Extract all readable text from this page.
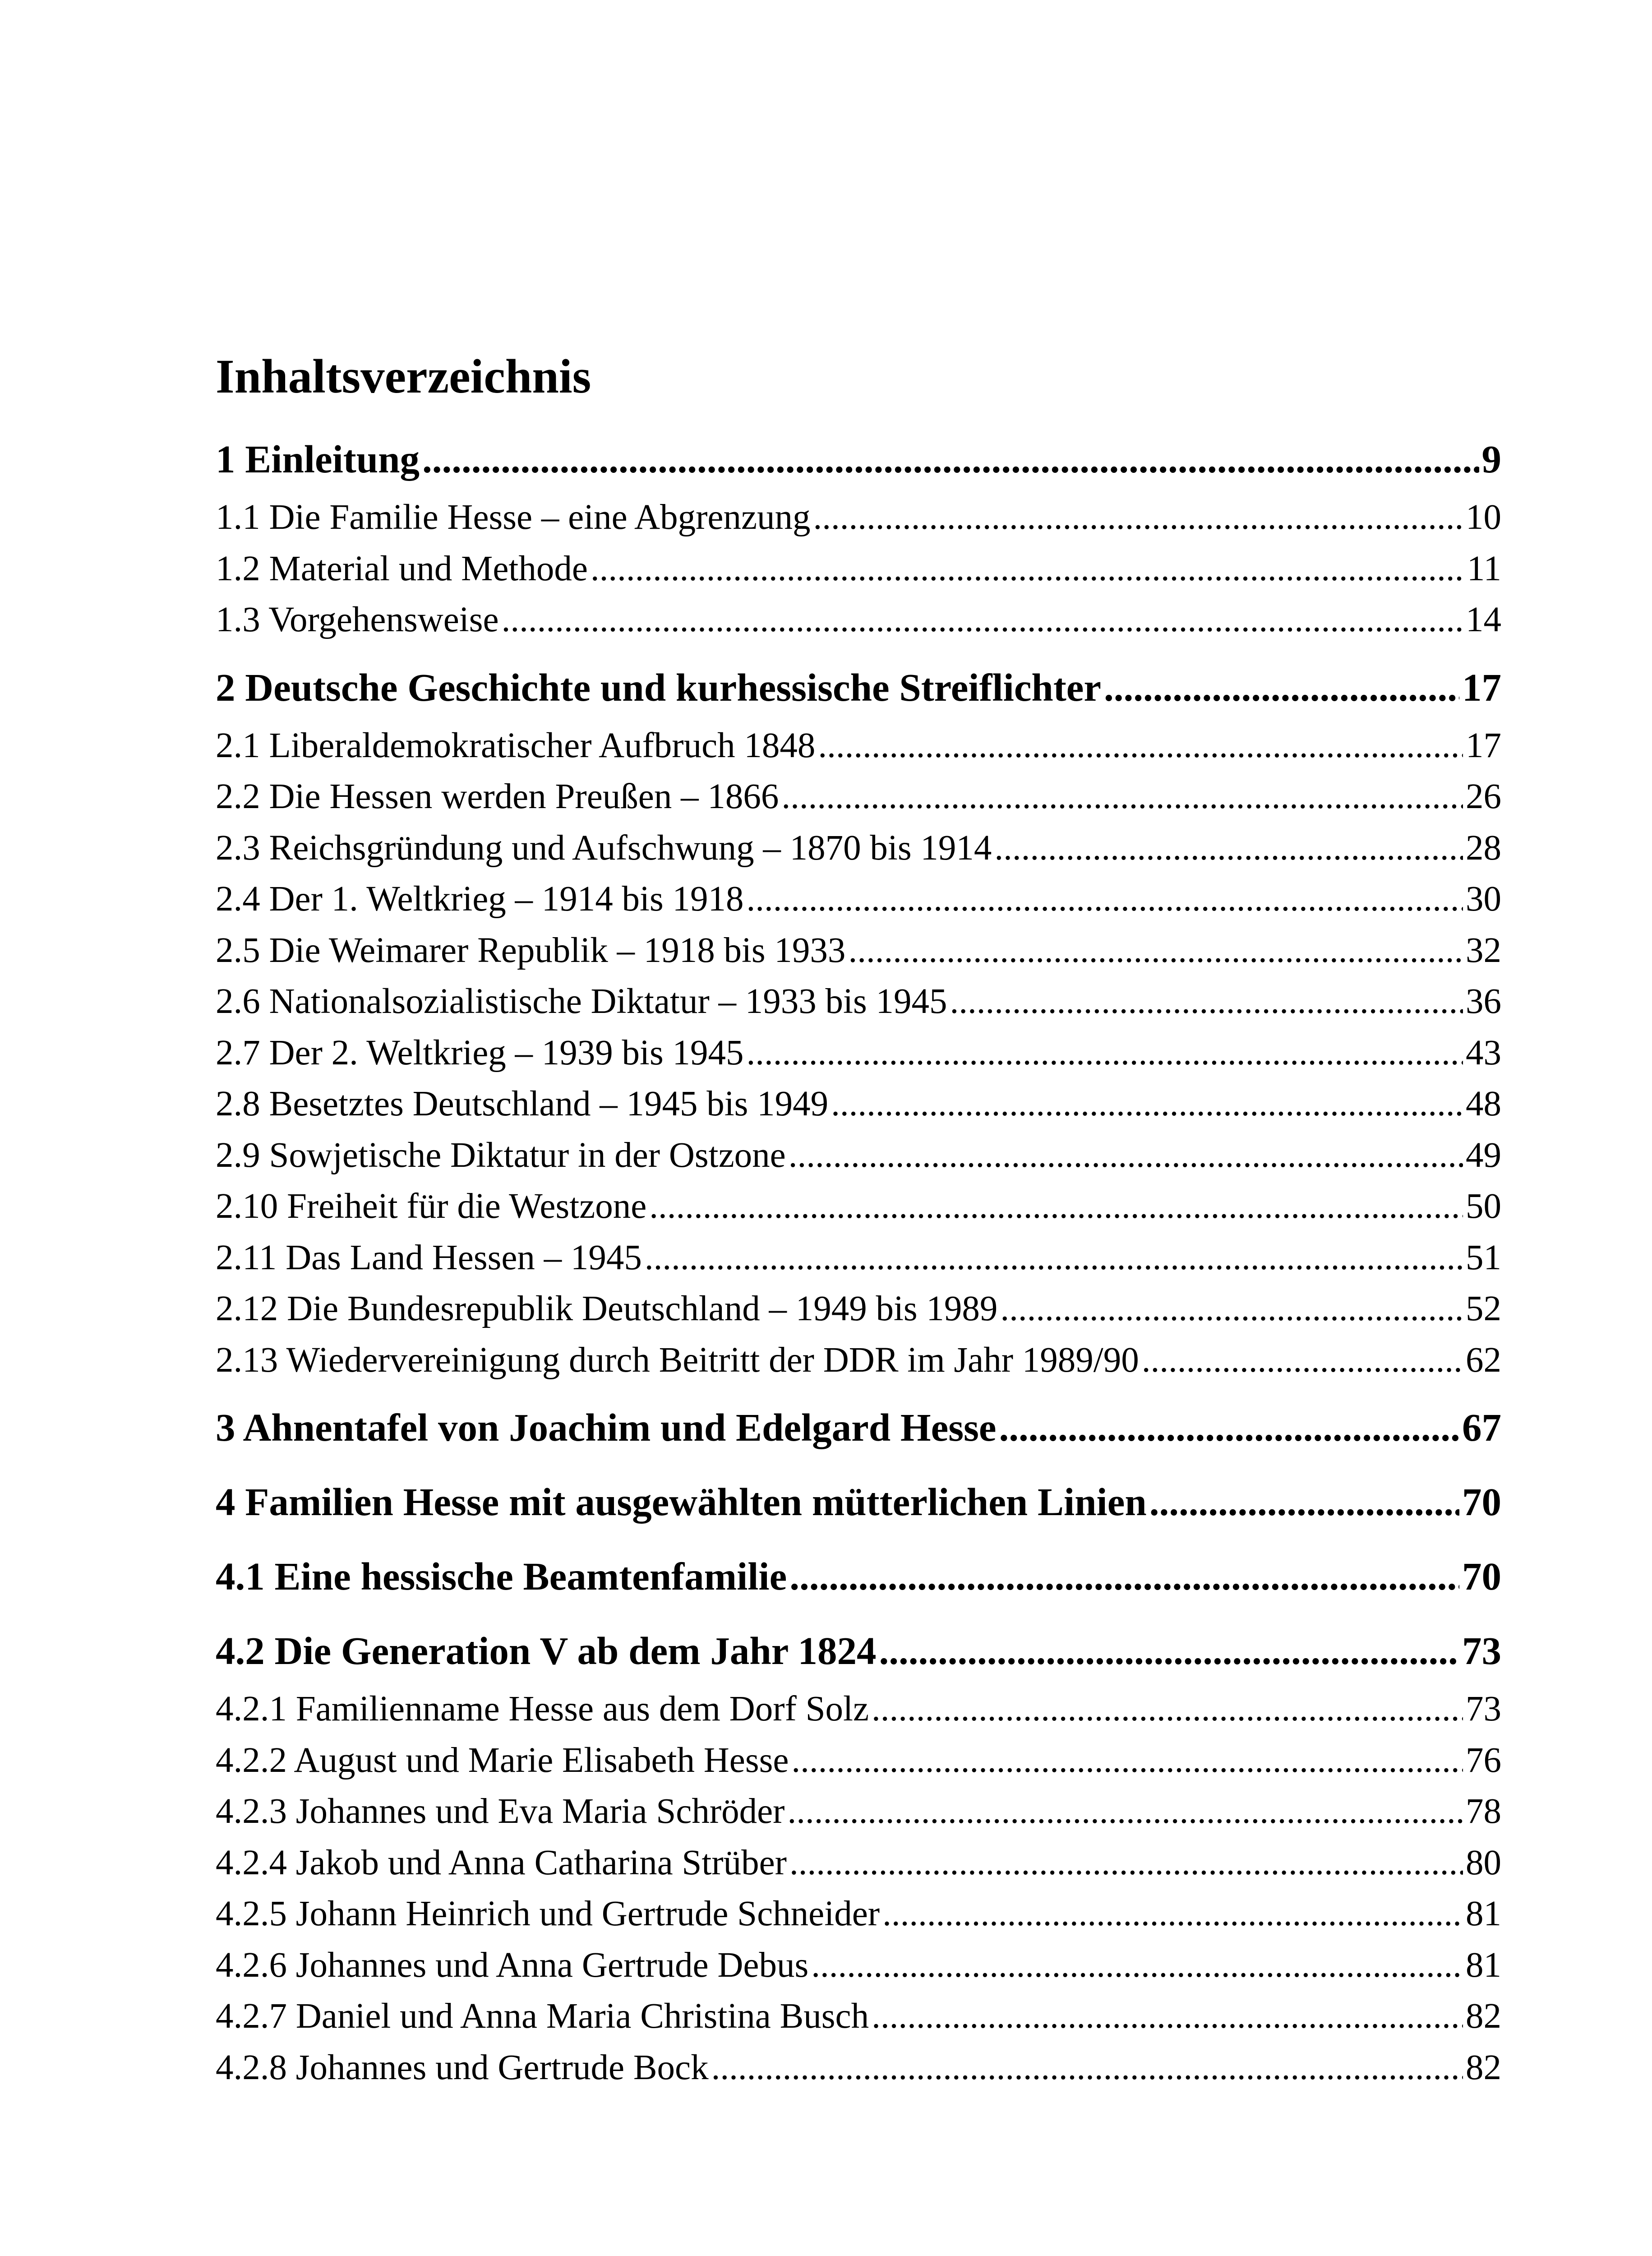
Inhaltsverzeichnis
1 Einleitung .....	9
1.1 Die Familie Hesse – eine Abgrenzung .....	10
1.2 Material und Methode .....	11
1.3 Vorgehensweise .....	14
2 Deutsche Geschichte und kurhessische Streiflichter .....	17
2.1 Liberaldemokratischer Aufbruch 1848 .....	17
2.2 Die Hessen werden Preußen – 1866 .....	26
2.3 Reichsgründung und Aufschwung – 1870 bis 1914 .....	28
2.4 Der 1. Weltkrieg – 1914 bis 1918 .....	30
2.5 Die Weimarer Republik – 1918 bis 1933 .....	32
2.6 Nationalsozialistische Diktatur – 1933 bis 1945 .....	36
2.7 Der 2. Weltkrieg – 1939 bis 1945 .....	43
2.8 Besetztes Deutschland – 1945 bis 1949 .....	48
2.9 Sowjetische Diktatur in der Ostzone .....	49
2.10 Freiheit für die Westzone .....	50
2.11 Das Land Hessen – 1945 .....	51
2.12 Die Bundesrepublik Deutschland – 1949 bis 1989 .....	52
2.13 Wiedervereinigung durch Beitritt der DDR im Jahr 1989/90 .....	62
3 Ahnentafel von Joachim und Edelgard Hesse .....	67
4 Familien Hesse mit ausgewählten mütterlichen Linien .....	70
4.1 Eine hessische Beamtenfamilie .....	70
4.2 Die Generation V ab dem Jahr 1824 .....	73
4.2.1 Familienname Hesse aus dem Dorf Solz .....	73
4.2.2 August und Marie Elisabeth Hesse .....	76
4.2.3 Johannes und Eva Maria Schröder .....	78
4.2.4 Jakob und Anna Catharina Strüber .....	80
4.2.5 Johann Heinrich und Gertrude Schneider .....	81
4.2.6 Johannes und Anna Gertrude Debus .....	81
4.2.7 Daniel und Anna Maria Christina Busch .....	82
4.2.8 Johannes und Gertrude Bock .....	82
